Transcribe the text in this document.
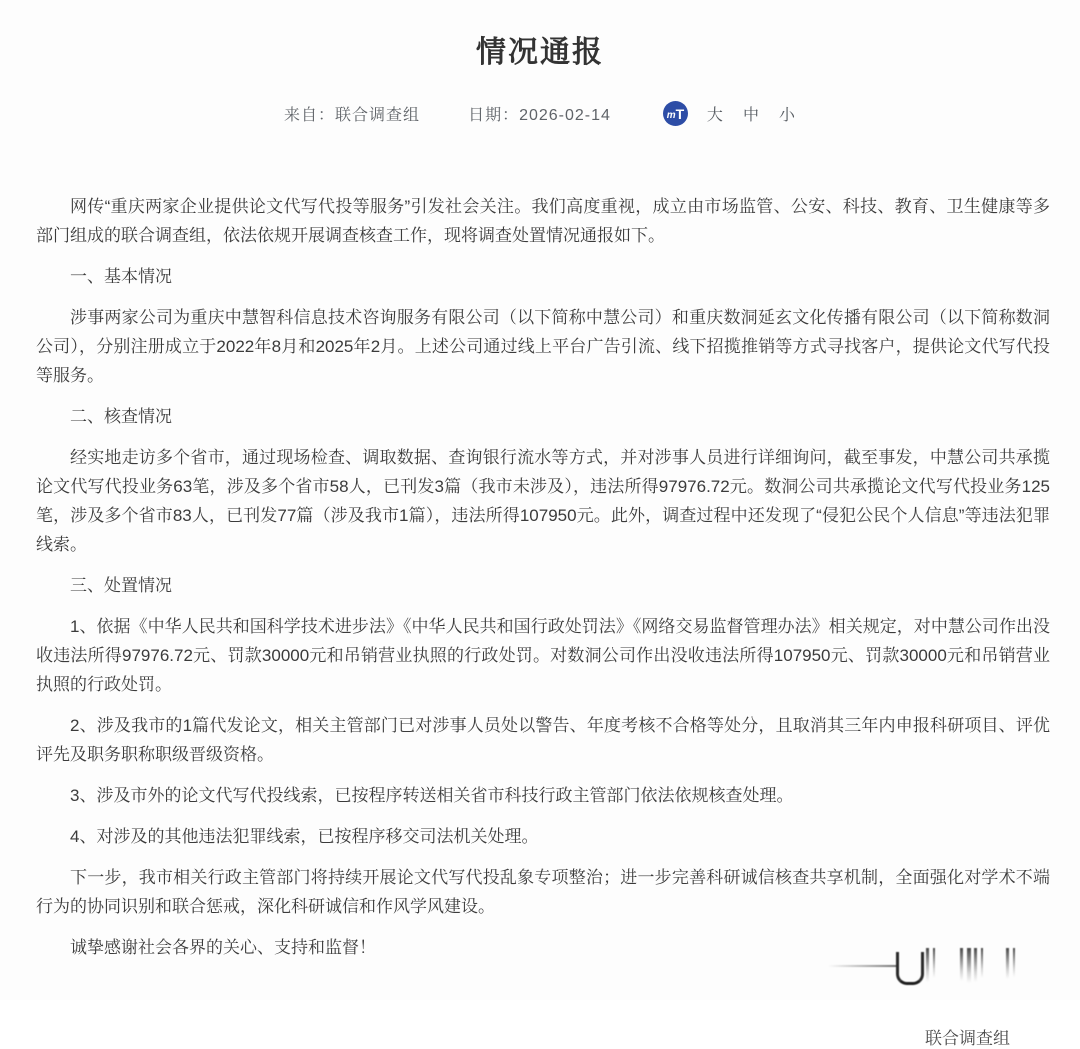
情况通报
来自：联合调查组	日期：2026-02-14	т T 大 中 小

网传“重庆两家企业提供论文代写代投等服务”引发社会关注。我们高度重视，成立由市场监管、公安、科技、教育、卫生健康等多部门组成的联合调查组，依法依规开展调查核查工作，现将调查处置情况通报如下。

一、基本情况

涉事两家公司为重庆中慧智科信息技术咨询服务有限公司（以下简称中慧公司）和重庆数洞延玄文化传播有限公司（以下简称数洞公司），分别注册成立于2022年8月和2025年2月。上述公司通过线上平台广告引流、线下招揽推销等方式寻找客户，提供论文代写代投等服务。

二、核查情况

经实地走访多个省市，通过现场检查、调取数据、查询银行流水等方式，并对涉事人员进行详细询问，截至事发，中慧公司共承揽论文代写代投业务63笔，涉及多个省市58人，已刊发3篇（我市未涉及），违法所得97976.72元。数洞公司共承揽论文代写代投业务125笔，涉及多个省市83人，已刊发77篇（涉及我市1篇），违法所得107950元。此外，调查过程中还发现了“侵犯公民个人信息”等违法犯罪线索。

三、处置情况

1、依据《中华人民共和国科学技术进步法》《中华人民共和国行政处罚法》《网络交易监督管理办法》相关规定，对中慧公司作出没收违法所得97976.72元、罚款30000元和吊销营业执照的行政处罚。对数洞公司作出没收违法所得107950元、罚款30000元和吊销营业执照的行政处罚。

2、涉及我市的1篇代发论文，相关主管部门已对涉事人员处以警告、年度考核不合格等处分，且取消其三年内申报科研项目、评优评先及职务职称职级晋级资格。

3、涉及市外的论文代写代投线索，已按程序转送相关省市科技行政主管部门依法依规核查处理。

4、对涉及的其他违法犯罪线索，已按程序移交司法机关处理。

下一步，我市相关行政主管部门将持续开展论文代写代投乱象专项整治；进一步完善科研诚信核查共享机制，全面强化对学术不端行为的协同识别和联合惩戒，深化科研诚信和作风学风建设。

诚挚感谢社会各界的关心、支持和监督！

联合调查组
